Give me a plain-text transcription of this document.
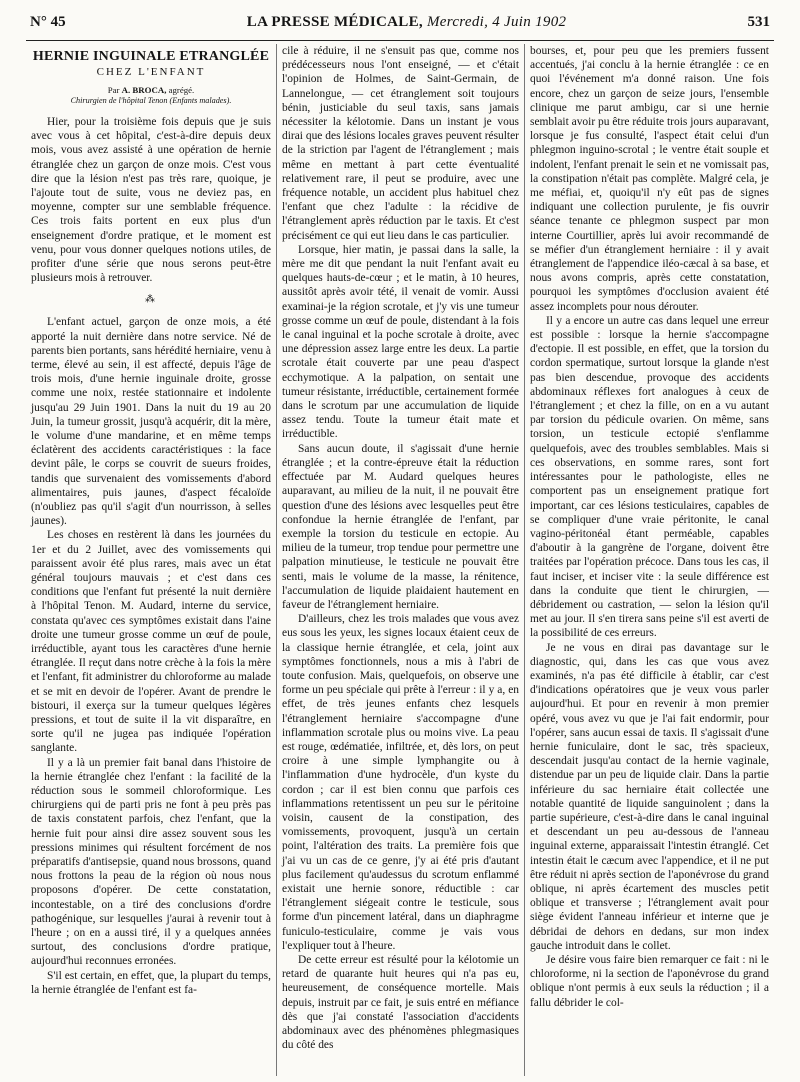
N° 45	LA PRESSE MÉDICALE, Mercredi, 4 Juin 1902	531
HERNIE INGUINALE ETRANGLÉE
CHEZ L'ENFANT
Par A. BROCA, agrégé.
Chirurgien de l'hôpital Tenon (Enfants malades).

Hier, pour la troisième fois depuis que je suis avec vous à cet hôpital, c'est-à-dire depuis deux mois, vous avez assisté à une opération de hernie étranglée chez un garçon de onze mois. C'est vous dire que la lésion n'est pas très rare, quoique, je l'ajoute tout de suite, vous ne deviez pas, en moyenne, compter sur une semblable fréquence. Ces trois faits portent en eux plus d'un enseignement d'ordre pratique, et le moment est venu, pour vous donner quelques notions utiles, de profiter d'une série que nous serons peut-être plusieurs mois à retrouver.

⁂

L'enfant actuel, garçon de onze mois, a été apporté la nuit dernière dans notre service. Né de parents bien portants, sans hérédité herniaire, venu à terme, élevé au sein, il est affecté, depuis l'âge de trois mois, d'une hernie inguinale droite, grosse comme une noix, restée stationnaire et indolente jusqu'au 29 Juin 1901. Dans la nuit du 19 au 20 Juin, la tumeur grossit, jusqu'à acquérir, dit la mère, le volume d'une mandarine, et en même temps éclatèrent des accidents caractéristiques : la face devint pâle, le corps se couvrit de sueurs froides, tandis que survenaient des vomissements d'abord alimentaires, puis jaunes, d'aspect fécaloïde (n'oubliez pas qu'il s'agit d'un nourrisson, à selles jaunes).

Les choses en restèrent là dans les journées du 1er et du 2 Juillet, avec des vomissements qui paraissent avoir été plus rares, mais avec un état général toujours mauvais ; et c'est dans ces conditions que l'enfant fut présenté la nuit dernière à l'hôpital Tenon. M. Audard, interne du service, constata qu'avec ces symptômes existait dans l'aine droite une tumeur grosse comme un œuf de poule, irréductible, ayant tous les caractères d'une hernie étranglée. Il reçut dans notre crèche à la fois la mère et l'enfant, fit administrer du chloroforme au malade et se mit en devoir de l'opérer. Avant de prendre le bistouri, il exerça sur la tumeur quelques légères pressions, et tout de suite il la vit disparaître, en sorte qu'il ne jugea pas indiquée l'opération sanglante.

Il y a là un premier fait banal dans l'histoire de la hernie étranglée chez l'enfant : la facilité de la réduction sous le sommeil chloroformique. Les chirurgiens qui de parti pris ne font à peu près pas de taxis constatent parfois, chez l'enfant, que la hernie fuit pour ainsi dire assez souvent sous les pressions minimes qui résultent forcément de nos préparatifs d'antisepsie, quand nous brossons, quand nous frottons la peau de la région où nous nous proposons d'opérer. De cette constatation, incontestable, on a tiré des conclusions d'ordre pathogénique, sur lesquelles j'aurai à revenir tout à l'heure ; on en a aussi tiré, il y a quelques années surtout, des conclusions d'ordre pratique, aujourd'hui reconnues erronées.

S'il est certain, en effet, que, la plupart du temps, la hernie étranglée de l'enfant est fa-

cile à réduire, il ne s'ensuit pas que, comme nos prédécesseurs nous l'ont enseigné, — et c'était l'opinion de Holmes, de Saint-Germain, de Lannelongue, — cet étranglement soit toujours bénin, justiciable du seul taxis, sans jamais nécessiter la kélotomie. Dans un instant je vous dirai que des lésions locales graves peuvent résulter de la striction par l'agent de l'étranglement ; mais même en mettant à part cette éventualité relativement rare, il peut se produire, avec une fréquence notable, un accident plus habituel chez l'enfant que chez l'adulte : la récidive de l'étranglement après réduction par le taxis. Et c'est précisément ce qui eut lieu dans le cas particulier.

Lorsque, hier matin, je passai dans la salle, la mère me dit que pendant la nuit l'enfant avait eu quelques hauts-de-cœur ; et le matin, à 10 heures, aussitôt après avoir tété, il venait de vomir. Aussi examinai-je la région scrotale, et j'y vis une tumeur grosse comme un œuf de poule, distendant à la fois le canal inguinal et la poche scrotale à droite, avec une dépression assez large entre les deux. La partie scrotale était couverte par une peau d'aspect ecchymotique. A la palpation, on sentait une tumeur résistante, irréductible, certainement formée dans le scrotum par une accumulation de liquide assez tendu. Toute la tumeur était mate et irréductible.

Sans aucun doute, il s'agissait d'une hernie étranglée ; et la contre-épreuve était la réduction effectuée par M. Audard quelques heures auparavant, au milieu de la nuit, il ne pouvait être question d'une des lésions avec lesquelles peut être confondue la hernie étranglée de l'enfant, par exemple la torsion du testicule en ectopie. Au milieu de la tumeur, trop tendue pour permettre une palpation minutieuse, le testicule ne pouvait être senti, mais le volume de la masse, la rénitence, l'accumulation de liquide plaidaient hautement en faveur de l'étranglement herniaire.

D'ailleurs, chez les trois malades que vous avez eus sous les yeux, les signes locaux étaient ceux de la classique hernie étranglée, et cela, joint aux symptômes fonctionnels, nous a mis à l'abri de toute confusion. Mais, quelquefois, on observe une forme un peu spéciale qui prête à l'erreur : il y a, en effet, de très jeunes enfants chez lesquels l'étranglement herniaire s'accompagne d'une inflammation scrotale plus ou moins vive. La peau est rouge, œdématiée, infiltrée, et, dès lors, on peut croire à une simple lymphangite ou à l'inflammation d'une hydrocèle, d'un kyste du cordon ; car il est bien connu que parfois ces inflammations retentissent un peu sur le péritoine voisin, causent de la constipation, des vomissements, provoquent, jusqu'à un certain point, l'altération des traits. La première fois que j'ai vu un cas de ce genre, j'y ai été pris d'autant plus facilement qu'audessus du scrotum enflammé existait une hernie sonore, réductible : car l'étranglement siégeait contre le testicule, sous forme d'un pincement latéral, dans un diaphragme funiculo-testiculaire, comme je vais vous l'expliquer tout à l'heure.

De cette erreur est résulté pour la kélotomie un retard de quarante huit heures qui n'a pas eu, heureusement, de conséquence mortelle. Mais depuis, instruit par ce fait, je suis entré en méfiance dès que j'ai constaté l'association d'accidents abdominaux avec des phénomènes phlegmasiques du côté des

bourses, et, pour peu que les premiers fussent accentués, j'ai conclu à la hernie étranglée : ce en quoi l'événement m'a donné raison. Une fois encore, chez un garçon de seize jours, l'ensemble clinique me parut ambigu, car si une hernie semblait avoir pu être réduite trois jours auparavant, lorsque je fus consulté, l'aspect était celui d'un phlegmon inguino-scrotal ; le ventre était souple et indolent, l'enfant prenait le sein et ne vomissait pas, la constipation n'était pas complète. Malgré cela, je me méfiai, et, quoiqu'il n'y eût pas de signes indiquant une collection purulente, je fis ouvrir séance tenante ce phlegmon suspect par mon interne Courtillier, après lui avoir recommandé de se méfier d'un étranglement herniaire : il y avait étranglement de l'appendice iléo-cæcal à sa base, et nous avons compris, après cette constatation, pourquoi les symptômes d'occlusion avaient été assez incomplets pour nous dérouter.

Il y a encore un autre cas dans lequel une erreur est possible : lorsque la hernie s'accompagne d'ectopie. Il est possible, en effet, que la torsion du cordon spermatique, surtout lorsque la glande n'est pas bien descendue, provoque des accidents abdominaux réflexes fort analogues à ceux de l'étranglement ; et chez la fille, on en a vu autant par torsion du pédicule ovarien. On même, sans torsion, un testicule ectopié s'enflamme quelquefois, avec des troubles semblables. Mais si ces observations, en somme rares, sont fort intéressantes pour le pathologiste, elles ne comportent pas un enseignement pratique fort important, car ces lésions testiculaires, capables de se compliquer d'une vraie péritonite, le canal vagino-péritonéal étant perméable, capables d'aboutir à la gangrène de l'organe, doivent être traitées par l'opération précoce. Dans tous les cas, il faut inciser, et inciser vite : la seule différence est dans la conduite que tient le chirurgien, — débridement ou castration, — selon la lésion qu'il met au jour. Il s'en tirera sans peine s'il est averti de la possibilité de ces erreurs.

Je ne vous en dirai pas davantage sur le diagnostic, qui, dans les cas que vous avez examinés, n'a pas été difficile à établir, car c'est d'indications opératoires que je veux vous parler aujourd'hui. Et pour en revenir à mon premier opéré, vous avez vu que je l'ai fait endormir, pour l'opérer, sans aucun essai de taxis. Il s'agissait d'une hernie funiculaire, dont le sac, très spacieux, descendait jusqu'au contact de la hernie vaginale, distendue par un peu de liquide clair. Dans la partie inférieure du sac herniaire était collectée une notable quantité de liquide sanguinolent ; dans la partie supérieure, c'est-à-dire dans le canal inguinal et descendant un peu au-dessous de l'anneau inguinal externe, apparaissait l'intestin étranglé. Cet intestin était le cæcum avec l'appendice, et il ne put être réduit ni après section de l'aponévrose du grand oblique, ni après écartement des muscles petit oblique et transverse ; l'étranglement avait pour siège évident l'anneau inférieur et interne que je débridai de dehors en dedans, sur mon index gauche introduit dans le collet.

Je désire vous faire bien remarquer ce fait : ni le chloroforme, ni la section de l'aponévrose du grand oblique n'ont permis à eux seuls la réduction ; il a fallu débrider le col-
